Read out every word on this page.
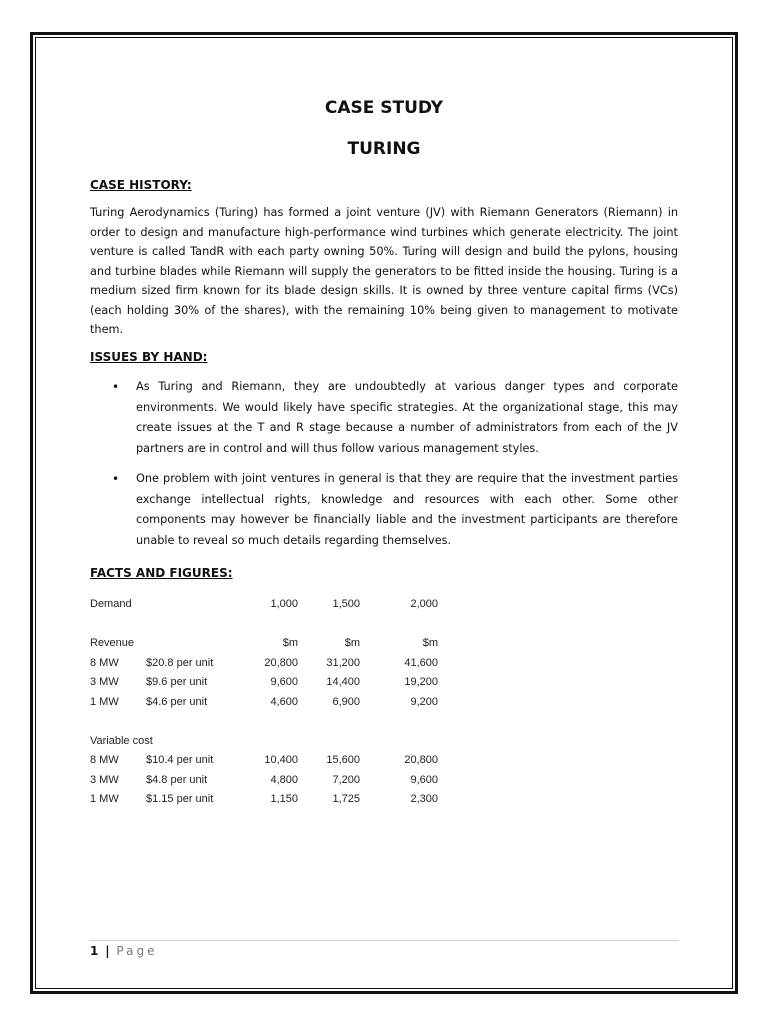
CASE STUDY
TURING
CASE HISTORY:

Turing Aerodynamics (Turing) has formed a joint venture (JV) with Riemann Generators (Riemann) in order to design and manufacture high-performance wind turbines which generate electricity. The joint venture is called TandR with each party owning 50%. Turing will design and build the pylons, housing and turbine blades while Riemann will supply the generators to be fitted inside the housing. Turing is a medium sized firm known for its blade design skills. It is owned by three venture capital firms (VCs) (each holding 30% of the shares), with the remaining 10% being given to management to motivate them.

ISSUES BY HAND:
• As Turing and Riemann, they are undoubtedly at various danger types and corporate environments. We would likely have specific strategies. At the organizational stage, this may create issues at the T and R stage because a number of administrators from each of the JV partners are in control and will thus follow various management styles.
• One problem with joint ventures in general is that they are require that the investment parties exchange intellectual rights, knowledge and resources with each other. Some other components may however be financially liable and the investment participants are therefore unable to reveal so much details regarding themselves.
FACTS AND FIGURES:
Demand	1,000	1,500	2,000
Revenue	$m	$m	$m
8 MW $20.8 per unit	20,800	31,200	41,600
3 MW $9.6 per unit	9,600	14,400	19,200
1 MW $4.6 per unit	4,600	6,900	9,200
Variable cost
8 MW $10.4 per unit	10,400	15,600	20,800
3 MW $4.8 per unit	4,800	7,200	9,600
1 MW $1.15 per unit	1,150	1,725	2,300
1 | Page
